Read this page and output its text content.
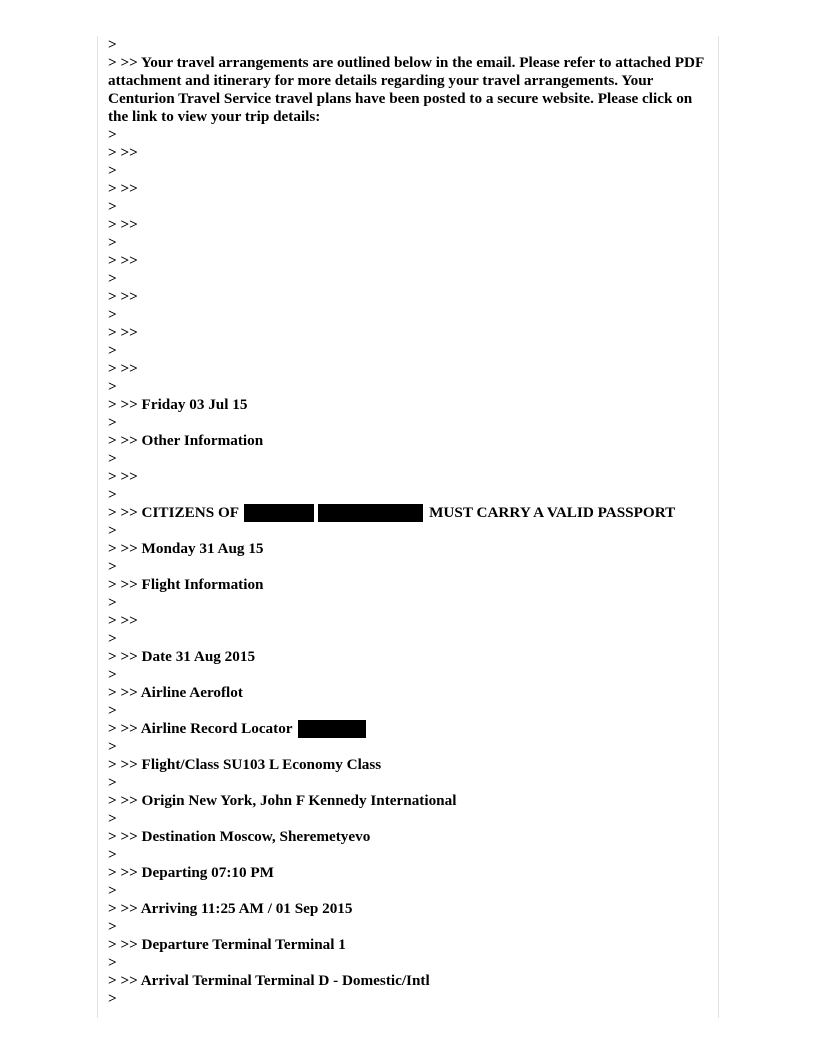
>
> >> Your travel arrangements are outlined below in the email. Please refer to attached PDF attachment and itinerary for more details regarding your travel arrangements. Your Centurion Travel Service travel plans have been posted to a secure website. Please click on the link to view your trip details:
>
> >>
>
> >>
>
> >>
>
> >>
>
> >>
>
> >>
>
> >>
>
> >> Friday 03 Jul 15
>
> >> Other Information
>
> >>
>
> >> CITIZENS OF	MUST CARRY A VALID PASSPORT
>
> >> Monday 31 Aug 15
>
> >> Flight Information
>
> >>
>
> >> Date 31 Aug 2015
>
> >> Airline Aeroflot
>
> >> Airline Record Locator
>
> >> Flight/Class SU103 L Economy Class
>
> >> Origin New York, John F Kennedy International
>
> >> Destination Moscow, Sheremetyevo
>
> >> Departing 07:10 PM
>
> >> Arriving 11:25 AM / 01 Sep 2015
>
> >> Departure Terminal Terminal 1
>
> >> Arrival Terminal Terminal D - Domestic/Intl
>
